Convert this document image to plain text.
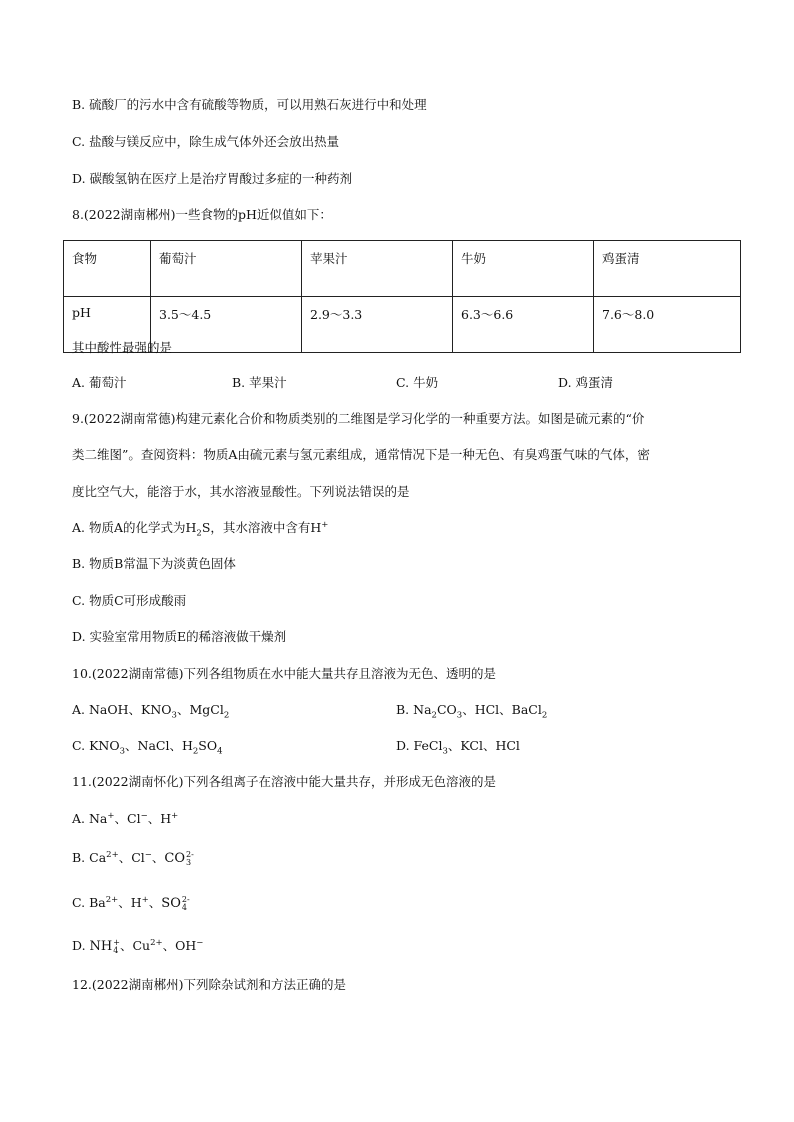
B. 硫酸厂的污水中含有硫酸等物质，可以用熟石灰进行中和处理
C. 盐酸与镁反应中，除生成气体外还会放出热量
D. 碳酸氢钠在医疗上是治疗胃酸过多症的一种药剂
8.(2022湖南郴州)一些食物的pH近似值如下：
食物	葡萄汁	苹果汁	牛奶	鸡蛋清
pH	3.5～4.5	2.9～3.3	6.3～6.6	7.6～8.0
其中酸性最强的是
A. 葡萄汁	B. 苹果汁	C. 牛奶	D. 鸡蛋清
9.(2022湖南常德)构建元素化合价和物质类别的二维图是学习化学的一种重要方法。如图是硫元素的“价
类二维图”。查阅资料：物质A由硫元素与氢元素组成，通常情况下是一种无色、有臭鸡蛋气味的气体，密
度比空气大，能溶于水，其水溶液显酸性。下列说法错误的是
A. 物质A的化学式为$H_2S$，其水溶液中含有H+
B. 物质B常温下为淡黄色固体
C. 物质C可形成酸雨
D. 实验室常用物质E的稀溶液做干燥剂
10.(2022湖南常德)下列各组物质在水中能大量共存且溶液为无色、透明的是
A. NaOH、$KNO_3$、MgCl$_2$	B. $Na_2CO_3$、HCl、BaCl$_2$
C. $KNO_3$、NaCl、$H_2SO_4$	D. FeCl$_3$、KCl、HCl
11.(2022湖南怀化)下列各组离子在溶液中能大量共存，并形成无色溶液的是
A. Na+、Cl−、H+
B. $Ca^{2+}$、Cl−、CO 2-
3
C. $Ba^{2+}$、H+、SO 2-
4
D. NH +
4 、$Cu^{2+}$、OH−
12.(2022湖南郴州)下列除杂试剂和方法正确的是
